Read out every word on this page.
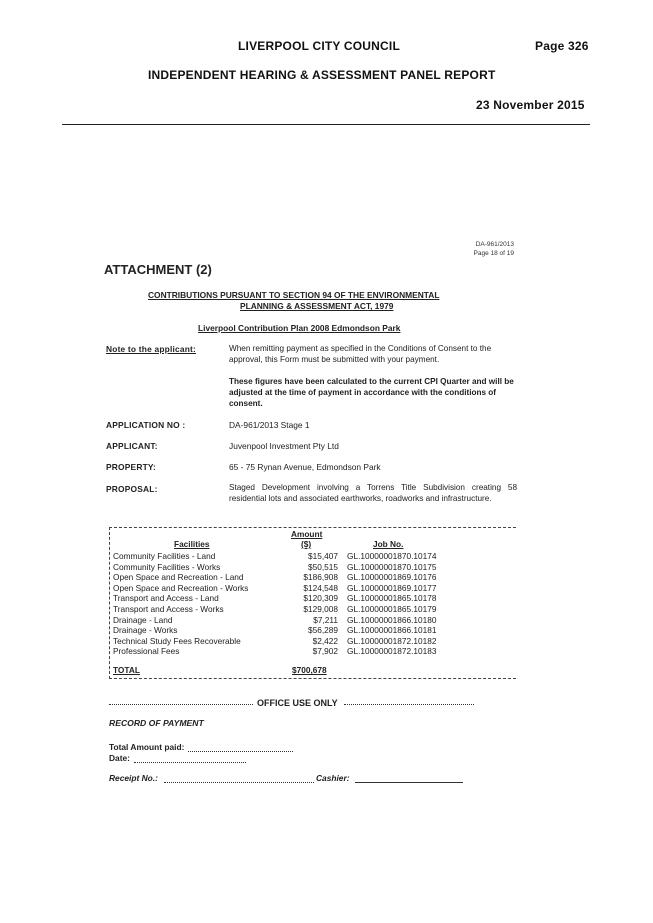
LIVERPOOL CITY COUNCIL	Page 326
INDEPENDENT HEARING & ASSESSMENT PANEL REPORT
23 November 2015
DA-961/2013
Page 18 of 19
ATTACHMENT (2)
CONTRIBUTIONS PURSUANT TO SECTION 94 OF THE ENVIRONMENTAL
PLANNING & ASSESSMENT ACT, 1979
Liverpool Contribution Plan 2008 Edmondson Park
Note to the applicant:	When remitting payment as specified in the Conditions of Consent to the approval, this Form must be submitted with your payment.
These figures have been calculated to the current CPI Quarter and will be adjusted at the time of payment in accordance with the conditions of consent.
APPLICATION NO :	DA-961/2013 Stage 1
APPLICANT:	Juvenpool Investment Pty Ltd
PROPERTY:	65 - 75 Rynan Avenue, Edmondson Park
PROPOSAL:	Staged Development involving a Torrens Title Subdivision creating 58 residential lots and associated earthworks, roadworks and infrastructure.
Facilities
Amount
($)	Job No.
Community Facilities - Land	$15,407 GL.10000001870.10174
Community Facilities - Works	$50,515 GL.10000001870.10175
Open Space and Recreation - Land	$186,908 GL.10000001869.10176
Open Space and Recreation - Works	$124,548 GL.10000001869.10177
Transport and Access - Land	$120,309 GL.10000001865.10178
Transport and Access - Works	$129,008 GL.10000001865.10179
Drainage - Land	$7,211 GL.10000001866.10180
Drainage - Works	$56,289 GL.10000001866.10181
Technical Study Fees Recoverable	$2,422 GL.10000001872.10182
Professional Fees	$7,902 GL.10000001872.10183
TOTAL	$700,678
OFFICE USE ONLY
RECORD OF PAYMENT
Total Amount paid:
Date:
Receipt No.:	Cashier:
